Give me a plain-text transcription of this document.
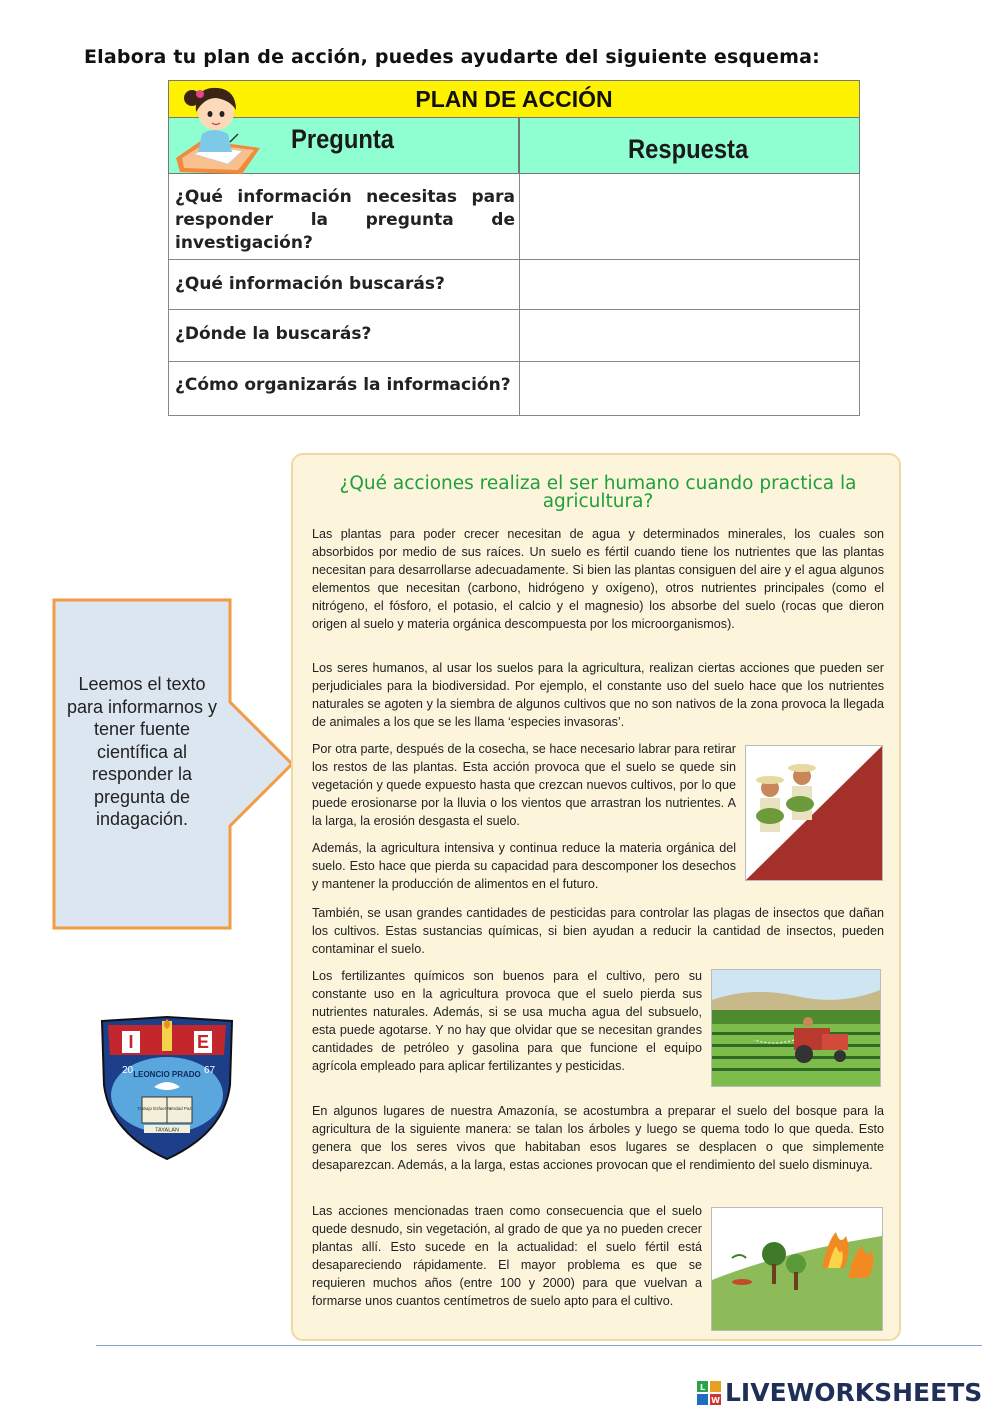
Elabora tu plan de acción, puedes ayudarte del siguiente esquema:
PLAN DE ACCIÓN
Pregunta	Respuesta
¿Qué información necesitas para responder la pregunta de investigación?
¿Qué información buscarás?
¿Dónde la buscarás?
¿Cómo organizarás la información?
Leemos el texto para informarnos y tener fuente científica al responder la pregunta de indagación.
I	E
20	67
LEONCIO PRADO
Trabajo Esfuerzo
Verdad Paz
TAYALAN
¿Qué acciones realiza el ser humano cuando practica la agricultura?
Las plantas para poder crecer necesitan de agua y determinados minerales, los cuales son absorbidos por medio de sus raíces. Un suelo es fértil cuando tiene los nutrientes que las plantas necesitan para desarrollarse adecuadamente. Si bien las plantas consiguen del aire y el agua algunos elementos que necesitan (carbono, hidrógeno y oxígeno), otros nutrientes principales (como el nitrógeno, el fósforo, el potasio, el calcio y el magnesio) los absorbe del suelo (rocas que dieron origen al suelo y materia orgánica descompuesta por los microorganismos).
Los seres humanos, al usar los suelos para la agricultura, realizan ciertas acciones que pueden ser perjudiciales para la biodiversidad. Por ejemplo, el constante uso del suelo hace que los nutrientes naturales se agoten y la siembra de algunos cultivos que no son nativos de la zona provoca la llegada de animales a los que se les llama ‘especies invasoras’.
Por otra parte, después de la cosecha, se hace necesario labrar para retirar los restos de las plantas. Esta acción provoca que el suelo se quede sin vegetación y quede expuesto hasta que crezcan nuevos cultivos, por lo que puede erosionarse por la lluvia o los vientos que arrastran los nutrientes. A la larga, la erosión desgasta el suelo.
Además, la agricultura intensiva y continua reduce la materia orgánica del suelo. Esto hace que pierda su capacidad para descomponer los desechos y mantener la producción de alimentos en el futuro.
También, se usan grandes cantidades de pesticidas para controlar las plagas de insectos que dañan los cultivos. Estas sustancias químicas, si bien ayudan a reducir la cantidad de insectos, pueden contaminar el suelo.
Los fertilizantes químicos son buenos para el cultivo, pero su constante uso en la agricultura provoca que el suelo pierda sus nutrientes naturales. Además, si se usa mucha agua del subsuelo, esta puede agotarse. Y no hay que olvidar que se necesitan grandes cantidades de petróleo y gasolina para que funcione el equipo agrícola empleado para aplicar fertilizantes y pesticidas.
En algunos lugares de nuestra Amazonía, se acostumbra a preparar el suelo del bosque para la agricultura de la siguiente manera: se talan los árboles y luego se quema todo lo que queda. Esto genera que los seres vivos que habitaban esos lugares se desplacen o que simplemente desaparezcan. Además, a la larga, estas acciones provocan que el rendimiento del suelo disminuya.
Las acciones mencionadas traen como consecuencia que el suelo quede desnudo, sin vegetación, al grado de que ya no pueden crecer plantas allí. Esto sucede en la actualidad: el suelo fértil está desapareciendo rápidamente. El mayor problema es que se requieren muchos años (entre 100 y 2000) para que vuelvan a formarse unos cuantos centímetros de suelo apto para el cultivo.
L
W LIVEWORKSHEETS
